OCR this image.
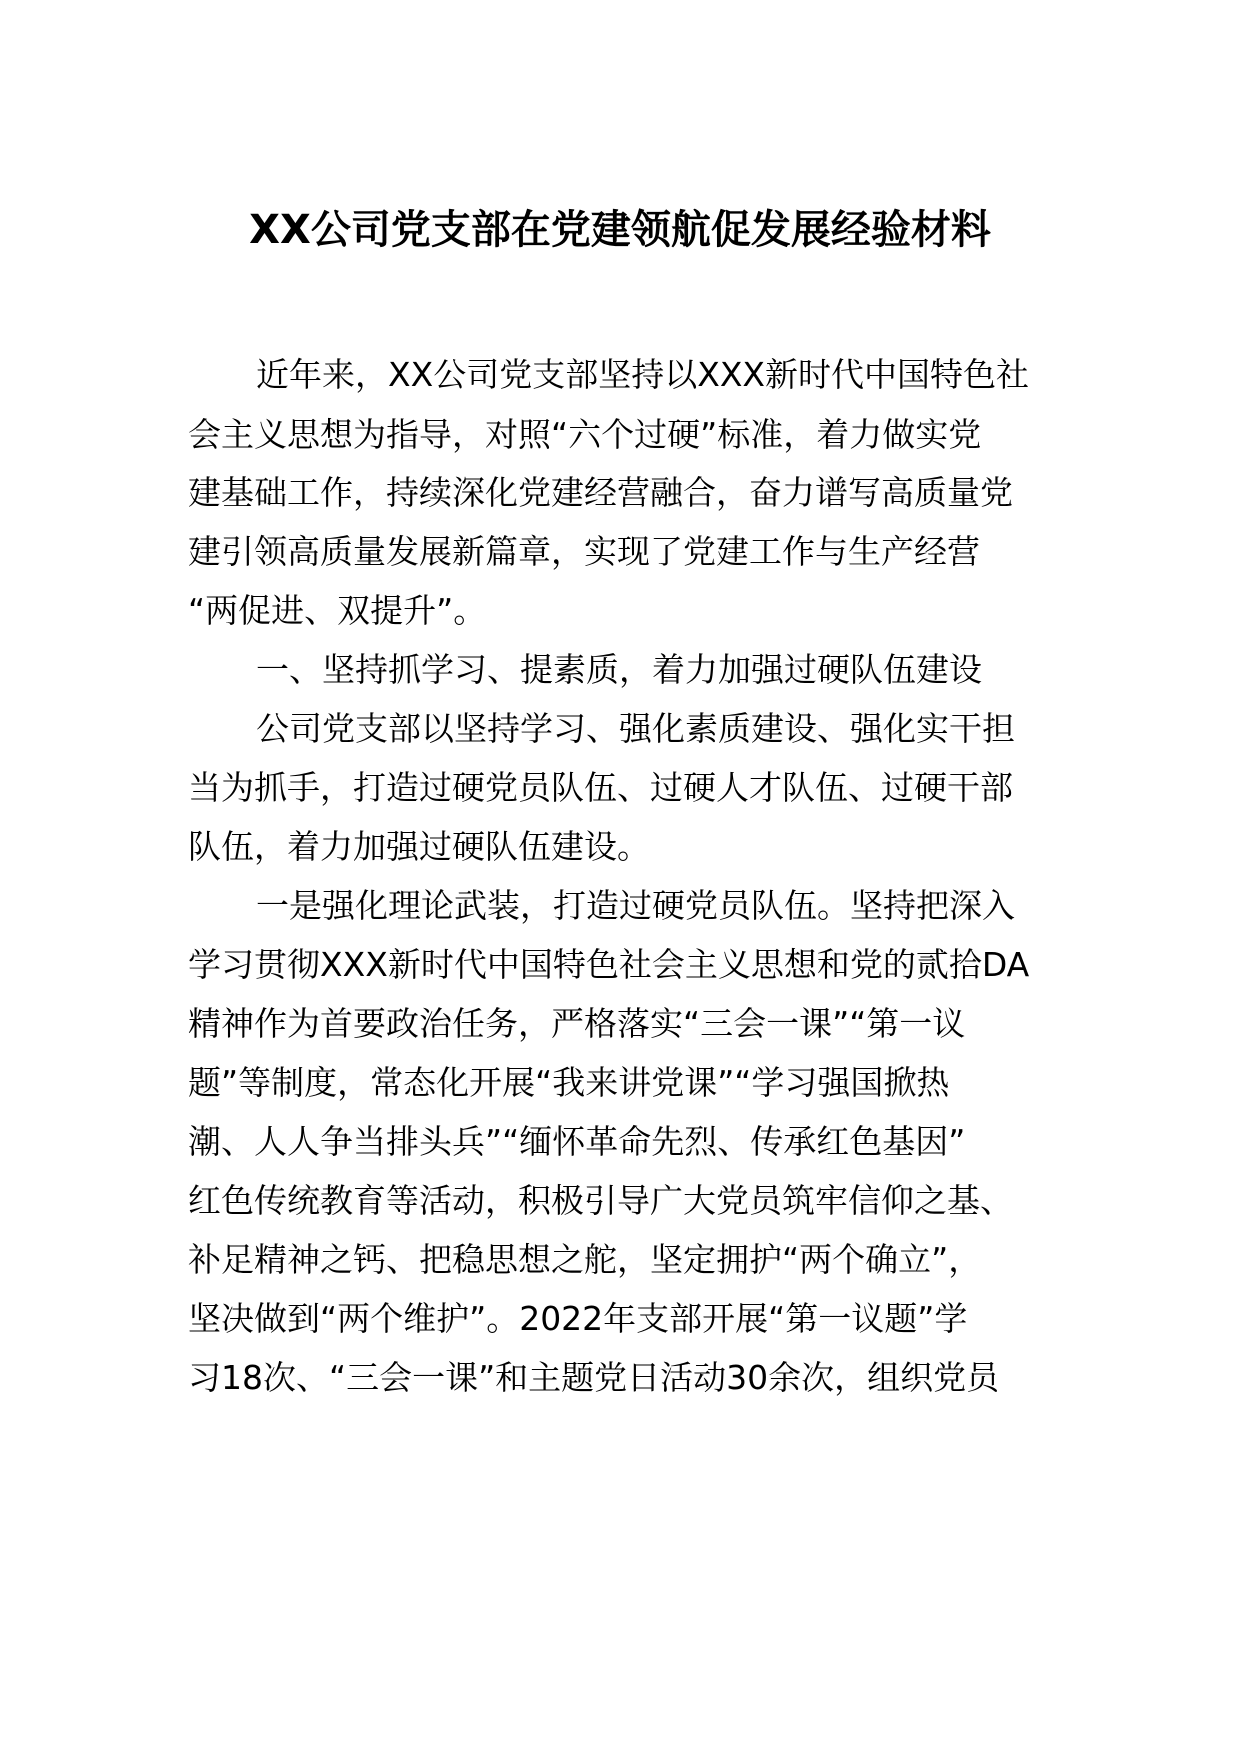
XX公司党支部在党建领航促发展经验材料
近年来，XX公司党支部坚持以XXX新时代中国特色社
会主义思想为指导，对照“六个过硬”标准，着力做实党
建基础工作，持续深化党建经营融合，奋力谱写高质量党
建引领高质量发展新篇章，实现了党建工作与生产经营
“两促进、双提升”。
一、坚持抓学习、提素质，着力加强过硬队伍建设
公司党支部以坚持学习、强化素质建设、强化实干担
当为抓手，打造过硬党员队伍、过硬人才队伍、过硬干部
队伍，着力加强过硬队伍建设。
一是强化理论武装，打造过硬党员队伍。坚持把深入
学习贯彻XXX新时代中国特色社会主义思想和党的贰拾DA
精神作为首要政治任务，严格落实“三会一课”“第一议
题”等制度，常态化开展“我来讲党课”“学习强国掀热
潮、人人争当排头兵”“缅怀革命先烈、传承红色基因”
红色传统教育等活动，积极引导广大党员筑牢信仰之基、
补足精神之钙、把稳思想之舵，坚定拥护“两个确立”，
坚决做到“两个维护”。2022年支部开展“第一议题”学
习18次、“三会一课”和主题党日活动30余次，组织党员
